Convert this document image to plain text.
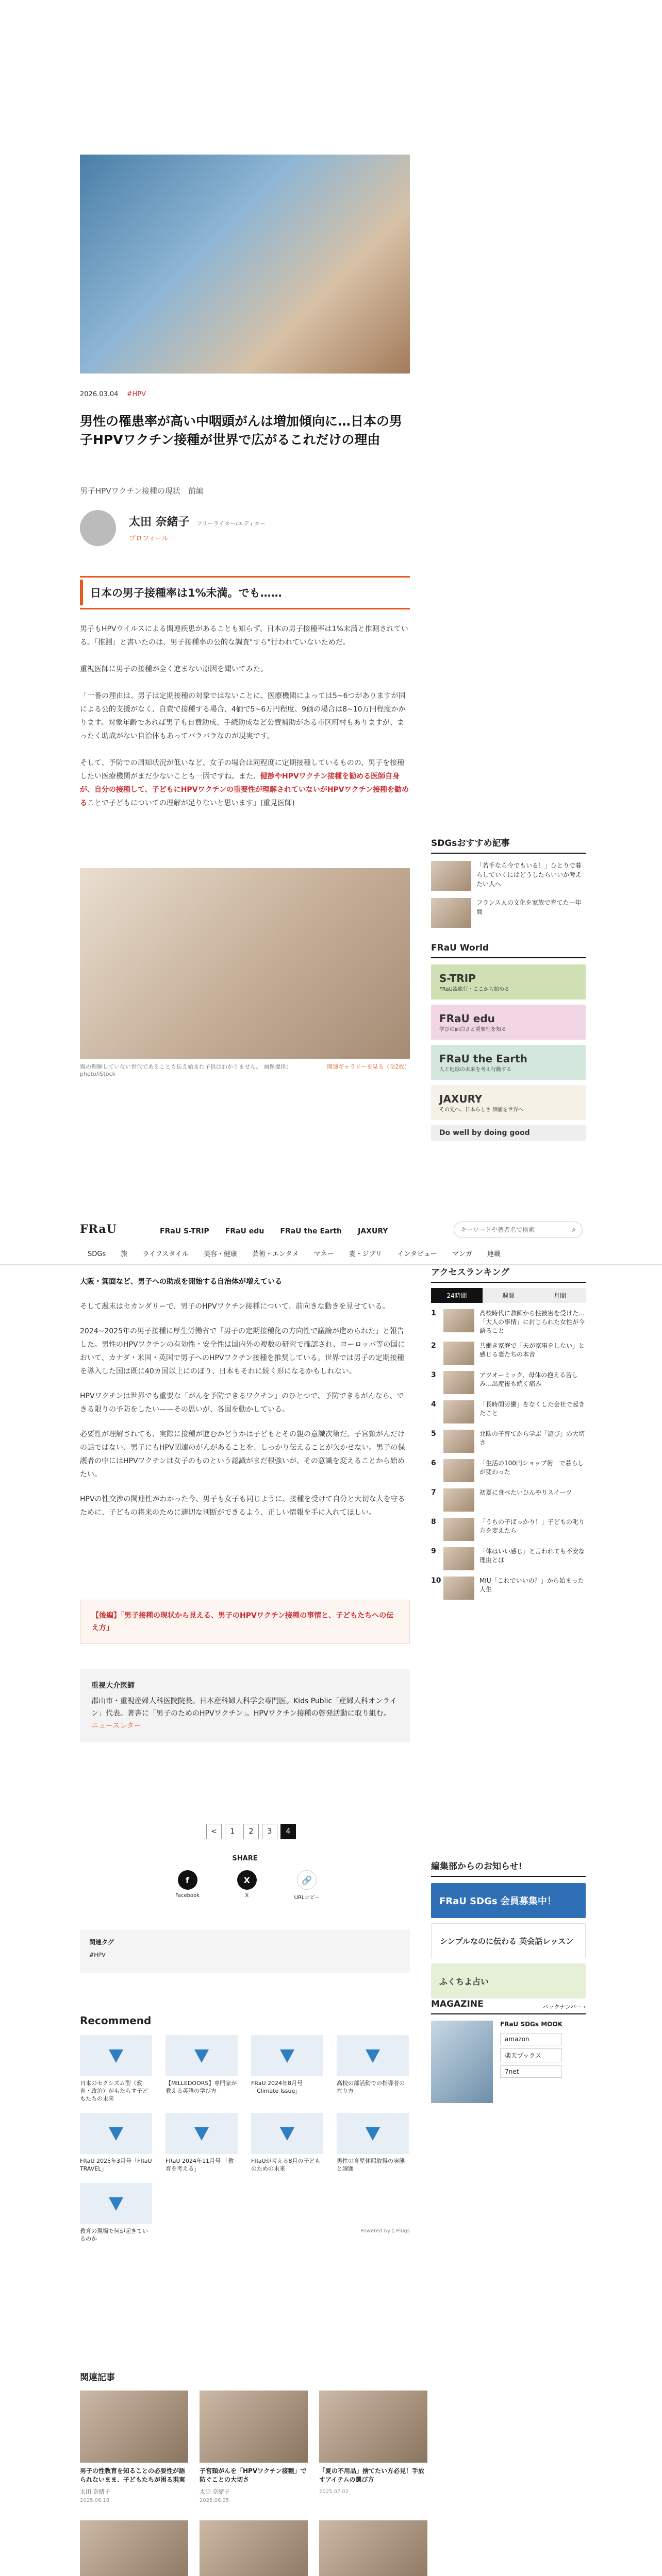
2026.03.04 #HPV
男性の罹患率が高い中咽頭がんは増加傾向に…日本の男子HPVワクチン接種が世界で広がるこれだけの理由
男子HPVワクチン接種の現状　前編
太田 奈緒子 フリーライター/エディター
プロフィール
日本の男子接種率は1%未満。でも……

男子もHPVウイルスによる関連疾患があることも知らず、日本の男子接種率は1%未満と推測されている。「推測」と書いたのは、男子接種率の公的な調査"すら"行われていないためだ。

重視医師に男子の接種が全く進まない原因を聞いてみた。

「一番の理由は、男子は定期接種の対象ではないことに、医療機関によっては5~6つがありますが国による公的支援がなく、自費で接種する場合、4価で5~6万円程度、9価の場合は8~10万円程度かかります。対象年齢であれば男子も自費助成、手続助成など公費補助がある市区町村もありますが、まったく助成がない自治体もあってバラバラなのが現実です。

そして、予防での周知状況が低いなど、女子の場合は同程度に定期接種しているものの、男子を接種したい医療機関がまだ少ないことも一因ですね。また、健診やHPVワクチン接種を勧める医師自身が、自分の接種して、子どもにHPVワクチンの重要性が理解されていないがHPVワクチン接種を勧めることで子どもについての理解が足りないと思います」(重見医師)

親の理解していない世代であることも伝え始まれ子供はわかりません。 画像提供：photo/iStock
関連ギャラリーを見る（全2枚）
SDGsおすすめ記事
「若手なら今でもいる！」ひとりで暮らしていくにはどうしたらいいか考えたい人へ
フランス人の文化を家族で育てた一年間
FRaU World
S-TRIP
FRaU流旅行・ここから始める
FRaU edu
学びの面白さと重要性を知る
FRaU the Earth
人と地球の未来を考え行動する
JAXURY
その先へ、日本らしさ 価値を世界へ
Do well by doing good
FRaU	FRaU S-TRIP FRaU edu FRaU the Earth JAXURY
キーワードや著者名で検索	⌕
SDGs 旅 ライフスタイル 美容・健康 芸術・エンタメ マネー 妻・ジブリ インタビュー マンガ 連載

大阪・箕面など、男子への助成を開始する自治体が増えている

そして週末はセカンダリーで、男子のHPVワクチン接種について、前向きな動きを見せている。

2024~2025年の男子接種に厚生労働省で「男子の定期接種化の方向性で議論が進められた」と報告した。男性のHPVワクチンの有効性・安全性は国内外の複数の研究で確認され、ヨーロッパ等の国において、カナダ・米国・英国で男子へのHPVワクチン接種を推奨している。世界では男子の定期接種を導入した国は既に40カ国以上にのぼり、日本もそれに続く形になるかもしれない。

HPVワクチンは世界でも重要な「がんを予防できるワクチン」のひとつで、予防できるがんなら、できる限りの予防をしたい——その思いが、各国を動かしている。

必要性が理解されても、実際に接種が進むかどうかは子どもとその親の意識次第だ。子宮頸がんだけの話ではない、男子にもHPV関連のがんがあることを、しっかり伝えることが欠かせない。男子の保護者の中にはHPVワクチンは女子のものという認識がまだ根強いが、その意識を変えることから始めたい。

HPVの性交渉の関連性がわかった今、男子も女子も同じように、接種を受けて自分と大切な人を守るために、子どもの将来のために適切な判断ができるよう、正しい情報を手に入れてほしい。

【後編】「男子接種の現状から見える、男子のHPVワクチン接種の事情と、子どもたちへの伝え方」
重視大介医師
郡山市・重視産婦人科医院院長。日本産科婦人科学会専門医。Kids Public「産婦人科オンライン」代表。著書に「男子のためのHPVワクチン」。HPVワクチン接種の啓発活動に取り組む。
ニュースレター
< 1 2 3 4
SHARE
f
Facebook
X
X
🔗
URLコピー
関連タグ
#HPV
アクセスランキング
24時間	週間	月間
1	高校時代に教師から性被害を受けた…「大人の事情」に封じられた女性が今語ること
2	共働き家庭で「夫が家事をしない」と感じる妻たちの本音
3	アツオーミック、母体の抱える苦しみ…出産後も続く痛み
4	「長時間労働」をなくした会社で起きたこと
5	北欧の子育てから学ぶ「遊び」の大切さ
6	「生活の100円ショップ術」で暮らしが変わった
7	初夏に食べたいひんやりスイーツ
8	「うちの子ばっかり！」子どもの叱り方を変えたら
9	「体はいい感じ」と言われても不安な理由とは
10	MIU「これでいいの？」から始まった人生
編集部からのお知らせ!
FRaU SDGs 会員募集中！
シンプルなのに伝わる 英会話レッスン
ふくちよ占い
バックナンバー ›
MAGAZINE
FRaU SDGs MOOK
amazon
楽天ブックス
7net
Recommend
日本のセクシズム型（教育・政治）がもたらす子どもたちの未来
【MILLEDOORS】専門家が教える英語の学び方
FRaU 2024年8月号 「Climate Issue」
高校の部活動での指導者の在り方
FRaU 2025年3月号「FRaU TRAVEL」
FRaU 2024年11月号 「教育を考える」
FRaUが考える8月の子どものための未来
男性の育児休暇取得の実態と課題
教育の現場で何が起きているのか
Powered by ◊ Plugs
関連記事
男子の性教育を知ることの必要性が語られないまま、子どもたちが困る現実
太田 奈緒子
2025.06.18
子宮頸がんを「HPVワクチン接種」で防ぐことの大切さ
太田 奈緒子
2025.06.25
「夏の不用品」捨てたい方必見！手放すアイテムの選び方
2025.07.02
